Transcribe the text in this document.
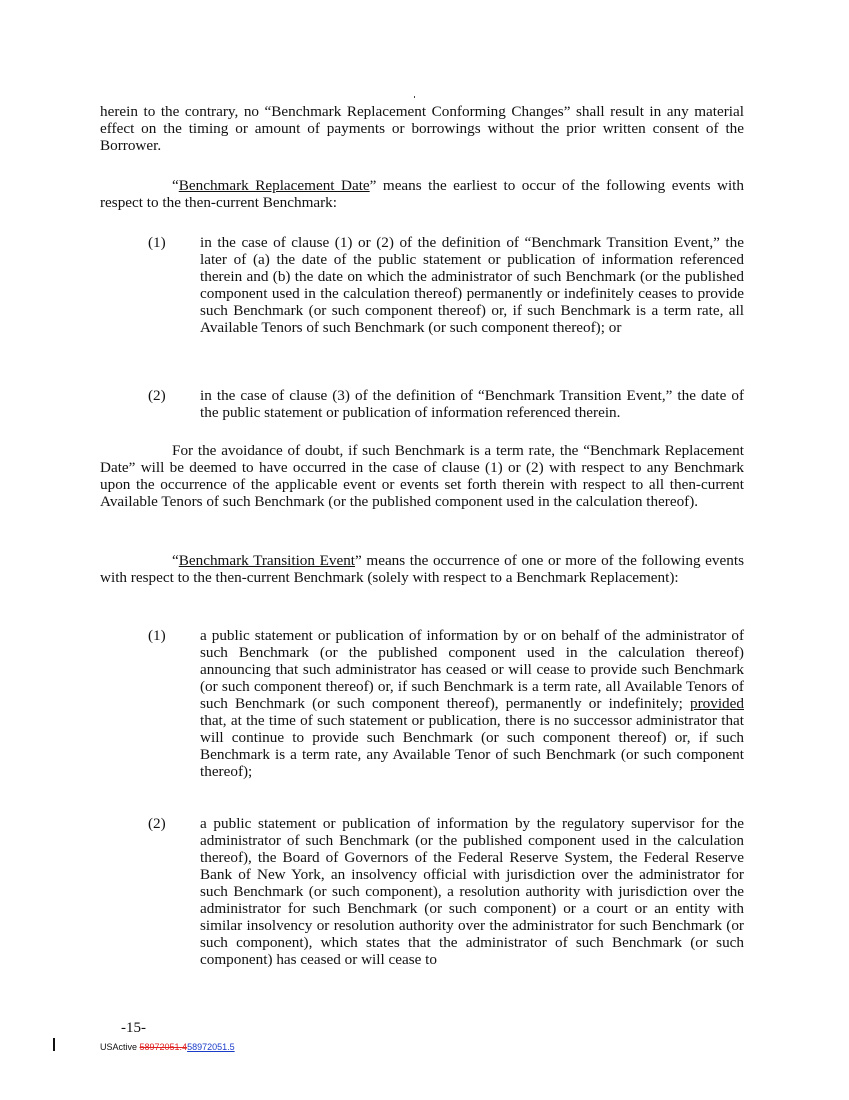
herein to the contrary, no “Benchmark Replacement Conforming Changes” shall result in any material effect on the timing or amount of payments or borrowings without the prior written consent of the Borrower.

“Benchmark Replacement Date” means the earliest to occur of the following events with respect to the then-current Benchmark:

(1) in the case of clause (1) or (2) of the definition of “Benchmark Transition Event,” the later of (a) the date of the public statement or publication of information referenced therein and (b) the date on which the administrator of such Benchmark (or the published component used in the calculation thereof) permanently or indefinitely ceases to provide such Benchmark (or such component thereof) or, if such Benchmark is a term rate, all Available Tenors of such Benchmark (or such component thereof); or

(2) in the case of clause (3) of the definition of “Benchmark Transition Event,” the date of the public statement or publication of information referenced therein.

For the avoidance of doubt, if such Benchmark is a term rate, the “Benchmark Replacement Date” will be deemed to have occurred in the case of clause (1) or (2) with respect to any Benchmark upon the occurrence of the applicable event or events set forth therein with respect to all then-current Available Tenors of such Benchmark (or the published component used in the calculation thereof).

“Benchmark Transition Event” means the occurrence of one or more of the following events with respect to the then-current Benchmark (solely with respect to a Benchmark Replacement):

(1) a public statement or publication of information by or on behalf of the administrator of such Benchmark (or the published component used in the calculation thereof) announcing that such administrator has ceased or will cease to provide such Benchmark (or such component thereof) or, if such Benchmark is a term rate, all Available Tenors of such Benchmark (or such component thereof), permanently or indefinitely; provided that, at the time of such statement or publication, there is no successor administrator that will continue to provide such Benchmark (or such component thereof) or, if such Benchmark is a term rate, any Available Tenor of such Benchmark (or such component thereof);

(2) a public statement or publication of information by the regulatory supervisor for the administrator of such Benchmark (or the published component used in the calculation thereof), the Board of Governors of the Federal Reserve System, the Federal Reserve Bank of New York, an insolvency official with jurisdiction over the administrator for such Benchmark (or such component), a resolution authority with jurisdiction over the administrator for such Benchmark (or such component) or a court or an entity with similar insolvency or resolution authority over the administrator for such Benchmark (or such component), which states that the administrator of such Benchmark (or such component) has ceased or will cease to

-15-
USActive 58972051.458972051.5
